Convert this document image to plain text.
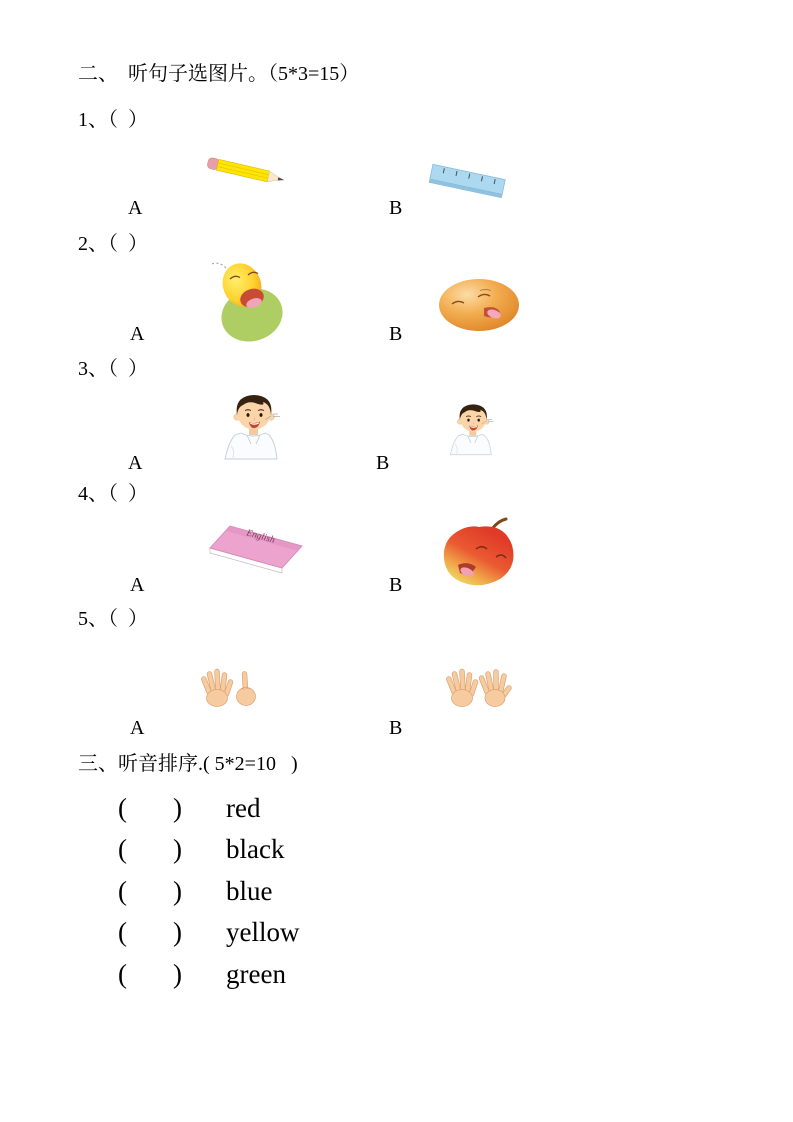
二、  听句子选图片。（5*3=15）
1、（  ）
A	B
2、（  ）
A	B
3、（  ）
A	B
4、（  ）
English
A	B
5、（  ）
A	B
三、听音排序.( 5*2=10   )
( ) red
( ) black
( ) blue
( ) yellow
( ) green
